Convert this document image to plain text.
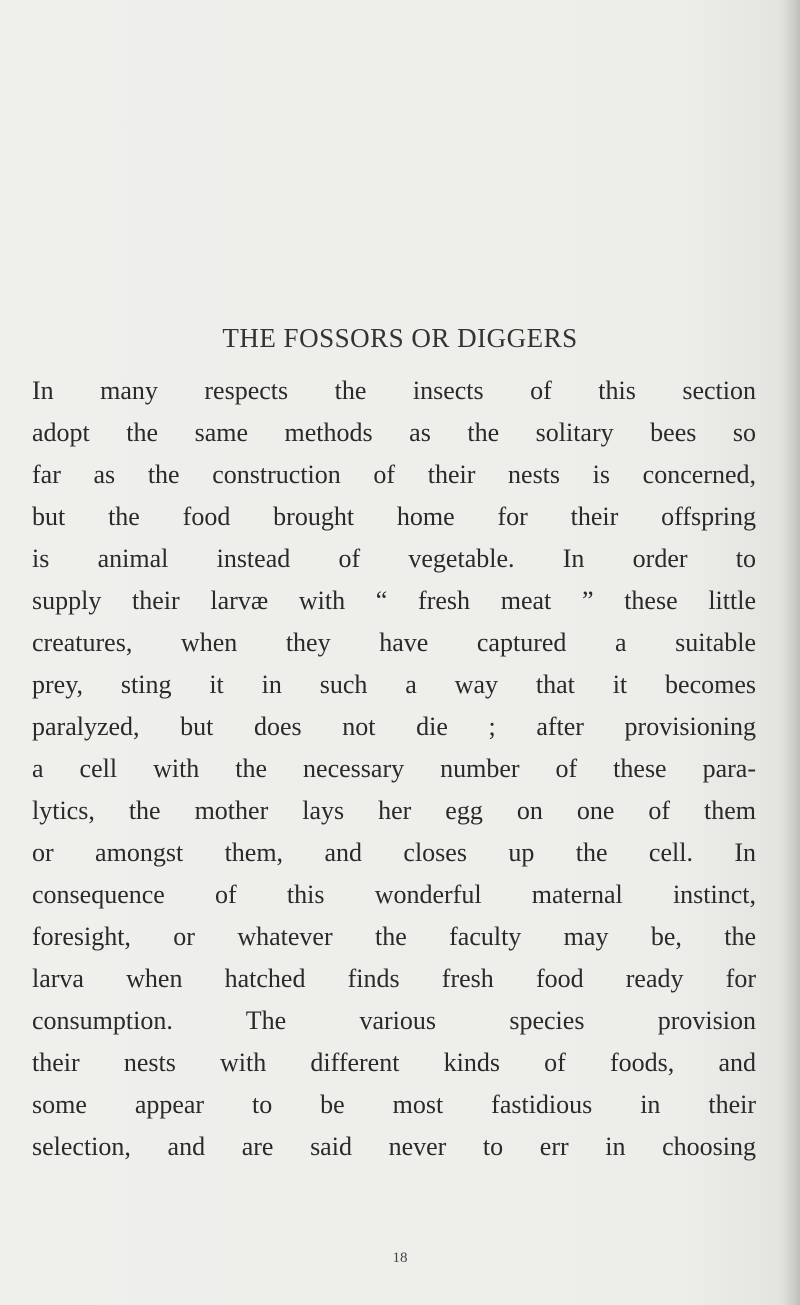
THE FOSSORS OR DIGGERS
In many respects the insects of this section
adopt the same methods as the solitary bees so
far as the construction of their nests is concerned,
but the food brought home for their offspring
is animal instead of vegetable. In order to
supply their larvæ with “ fresh meat ” these little
creatures, when they have captured a suitable
prey, sting it in such a way that it becomes
paralyzed, but does not die ; after provisioning
a cell with the necessary number of these para-
lytics, the mother lays her egg on one of them
or amongst them, and closes up the cell. In
consequence of this wonderful maternal instinct,
foresight, or whatever the faculty may be, the
larva when hatched finds fresh food ready for
consumption. The various species provision
their nests with different kinds of foods, and
some appear to be most fastidious in their
selection, and are said never to err in choosing
18
